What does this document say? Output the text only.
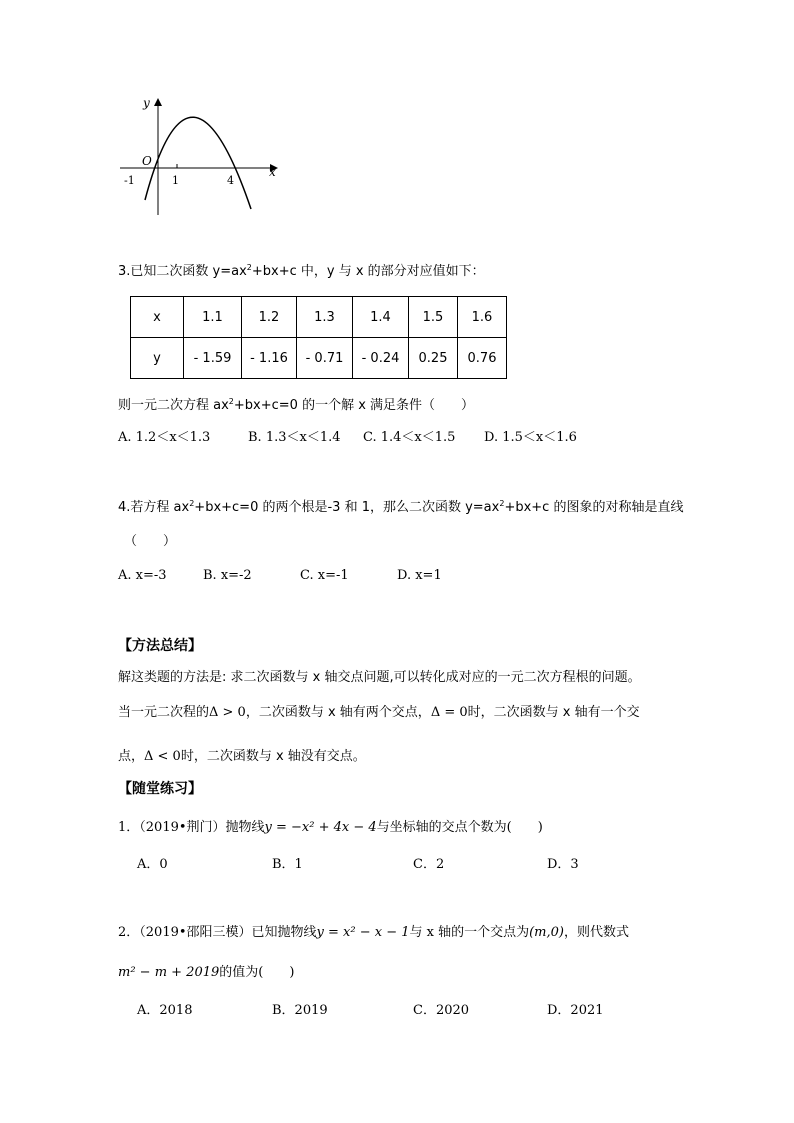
y
x
O
-1	1	4
3.已知二次函数 $y=ax^2+bx+c$ 中，y 与 x 的部分对应值如下：
x	1.1	1.2	1.3	1.4	1.5	1.6
y	- 1.59	- 1.16	- 0.71	- 0.24	0.25	0.76
则一元二次方程 $ax^2+bx+c=0$ 的一个解 x 满足条件（　　）
A. 1.2＜x＜1.3	B. 1.3＜x＜1.4 C. 1.4＜x＜1.5 D. 1.5＜x＜1.6
4.若方程 $ax^2+bx+c=0$ 的两个根是-3 和 1，那么二次函数 $y=ax^2+bx+c$ 的图象的对称轴是直线
（　　）
A. x=-3	B. x=-2	C. x=-1	D. x=1
【方法总结】
解这类题的方法是: 求二次函数与 x 轴交点问题,可以转化成对应的一元二次方程根的问题。
当一元二次程的Δ > 0，二次函数与 x 轴有两个交点，Δ = 0时，二次函数与 x 轴有一个交
点，Δ < 0时，二次函数与 x 轴没有交点。
【随堂练习】
1．（2019•荆门）抛物线y = −x² + 4x − 4与坐标轴的交点个数为(　　)
A．0	B．1	C．2	D．3
2．（2019•邵阳三模）已知抛物线y = x² − x − 1与 x 轴的一个交点为(m,0)，则代数式
m² − m + 2019的值为(　　)
A．2018	B．2019	C．2020	D．2021
